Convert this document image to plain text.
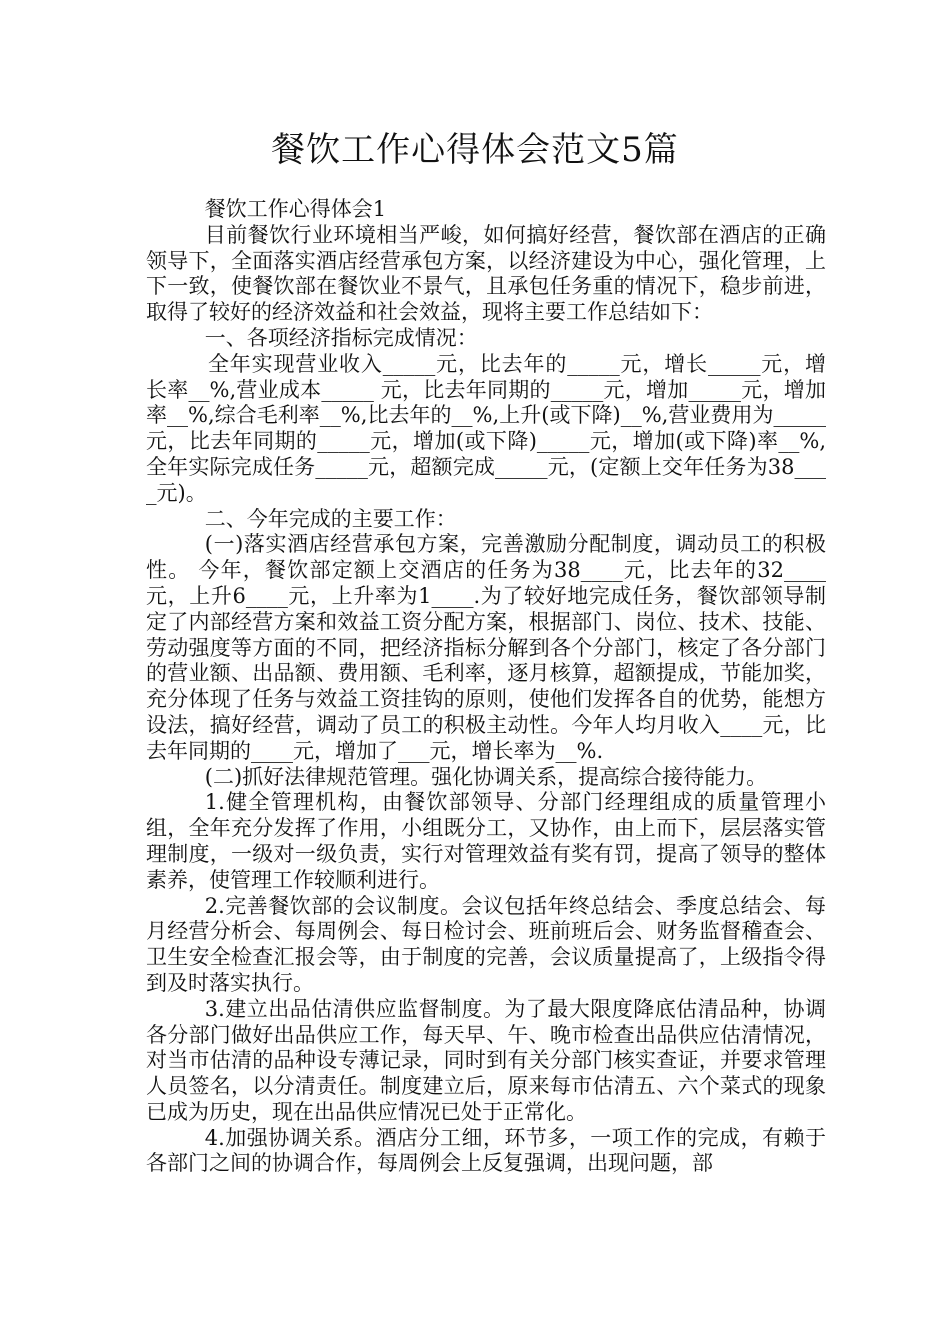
餐饮工作心得体会范文5篇

餐饮工作心得体会1

目前餐饮行业环境相当严峻，如何搞好经营，餐饮部在酒店的正确领导下，全面落实酒店经营承包方案，以经济建设为中心，强化管理，上下一致，使餐饮部在餐饮业不景气，且承包任务重的情况下，稳步前进，取得了较好的经济效益和社会效益，现将主要工作总结如下：

一、各项经济指标完成情况：

全年实现营业收入_____元，比去年的_____元，增长_____元，增长率__%,营业成本_____ 元，比去年同期的_____元，增加_____元，增加率__%,综合毛利率__%,比去年的__%,上升(或下降)__%,营业费用为_____元，比去年同期的_____元，增加(或下降)_____元，增加(或下降)率__%,全年实际完成任务_____元，超额完成_____元，(定额上交年任务为38____元)。

二、今年完成的主要工作：

(一)落实酒店经营承包方案，完善激励分配制度，调动员工的积极性。 今年，餐饮部定额上交酒店的任务为38____元，比去年的32____元，上升6____元，上升率为1____.为了较好地完成任务，餐饮部领导制定了内部经营方案和效益工资分配方案，根据部门、岗位、技术、技能、劳动强度等方面的不同，把经济指标分解到各个分部门，核定了各分部门的营业额、出品额、费用额、毛利率，逐月核算，超额提成，节能加奖，充分体现了任务与效益工资挂钩的原则，使他们发挥各自的优势，能想方设法，搞好经营，调动了员工的积极主动性。今年人均月收入____元，比去年同期的____元，增加了___元，增长率为__%.

(二)抓好法律规范管理。强化协调关系，提高综合接待能力。

1.健全管理机构，由餐饮部领导、分部门经理组成的质量管理小组，全年充分发挥了作用，小组既分工，又协作，由上而下，层层落实管理制度，一级对一级负责，实行对管理效益有奖有罚，提高了领导的整体素养，使管理工作较顺利进行。

2.完善餐饮部的会议制度。会议包括年终总结会、季度总结会、每月经营分析会、每周例会、每日检讨会、班前班后会、财务监督稽查会、卫生安全检查汇报会等，由于制度的完善，会议质量提高了，上级指令得到及时落实执行。

3.建立出品估清供应监督制度。为了最大限度降底估清品种，协调各分部门做好出品供应工作，每天早、午、晚市检查出品供应估清情况，对当市估清的品种设专薄记录，同时到有关分部门核实查证，并要求管理人员签名，以分清责任。制度建立后，原来每市估清五、六个菜式的现象已成为历史，现在出品供应情况已处于正常化。

4.加强协调关系。酒店分工细，环节多，一项工作的完成，有赖于各部门之间的协调合作，每周例会上反复强调，出现问题，部
